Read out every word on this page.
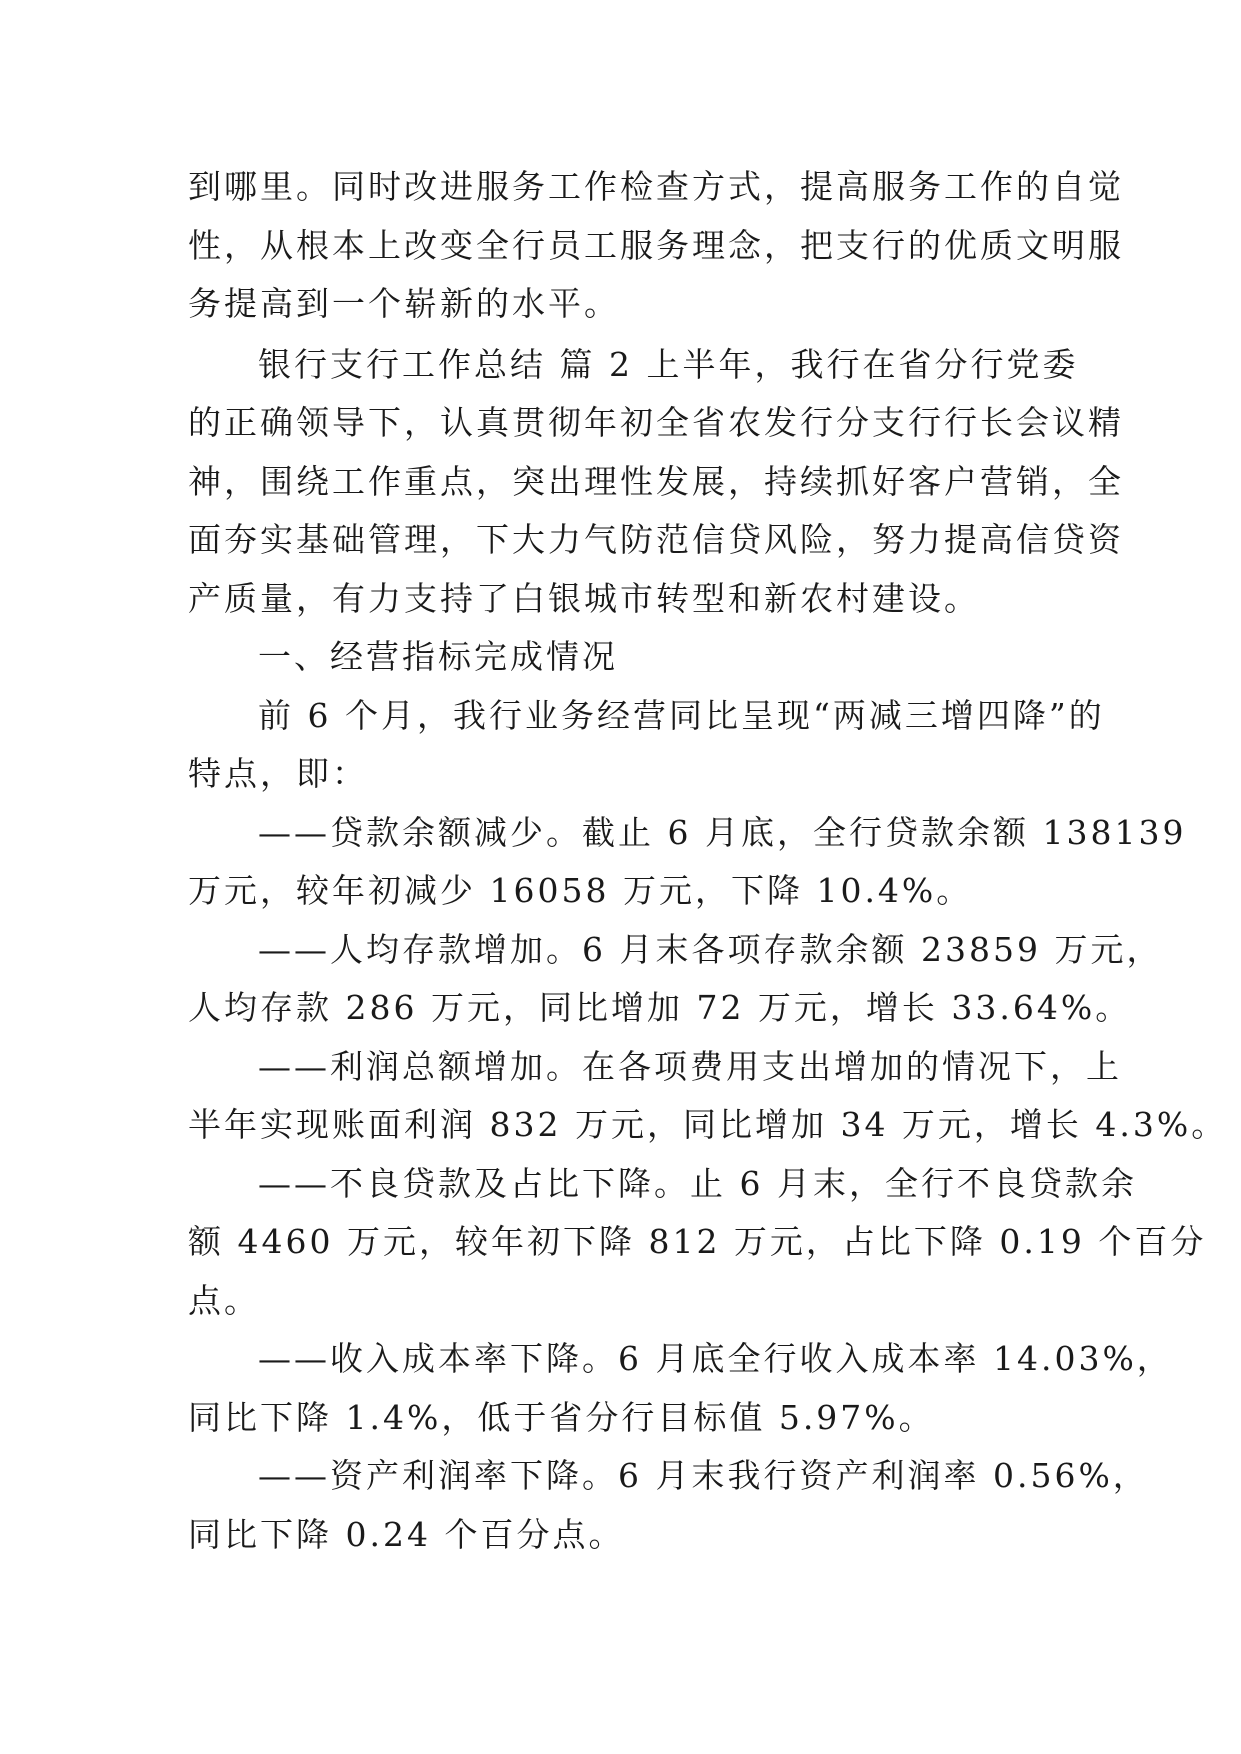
到哪里。同时改进服务工作检查方式，提高服务工作的自觉
性，从根本上改变全行员工服务理念，把支行的优质文明服
务提高到一个崭新的水平。
银行支行工作总结 篇 2 上半年，我行在省分行党委
的正确领导下，认真贯彻年初全省农发行分支行行长会议精
神，围绕工作重点，突出理性发展，持续抓好客户营销，全
面夯实基础管理，下大力气防范信贷风险，努力提高信贷资
产质量，有力支持了白银城市转型和新农村建设。
一、经营指标完成情况
前 6 个月，我行业务经营同比呈现“两减三增四降”的
特点，即：
——贷款余额减少。截止 6 月底，全行贷款余额 138139
万元，较年初减少 16058 万元，下降 10.4%。
——人均存款增加。6 月末各项存款余额 23859 万元，
人均存款 286 万元，同比增加 72 万元，增长 33.64%。
——利润总额增加。在各项费用支出增加的情况下，上
半年实现账面利润 832 万元，同比增加 34 万元，增长 4.3%。
——不良贷款及占比下降。止 6 月末，全行不良贷款余
额 4460 万元，较年初下降 812 万元，占比下降 0.19 个百分
点。
——收入成本率下降。6 月底全行收入成本率 14.03%，
同比下降 1.4%，低于省分行目标值 5.97%。
——资产利润率下降。6 月末我行资产利润率 0.56%，
同比下降 0.24 个百分点。
